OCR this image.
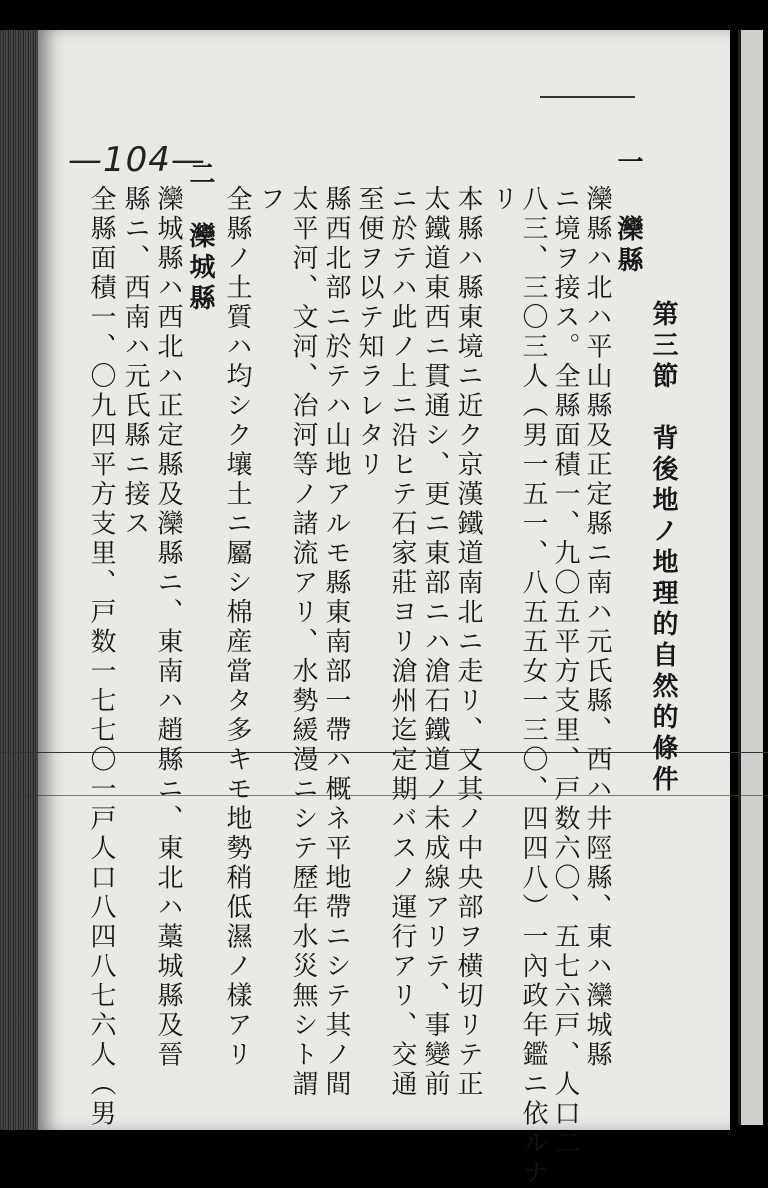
—104—
第三節　背後地ノ地理的自然的條件
一
灤縣
灤縣ハ北ハ平山縣及正定縣ニ南ハ元氏縣、西ハ井陘縣、東ハ灤城縣
ニ境ヲ接ス。全縣面積一、九〇五平方支里、戸数六〇、五七六戸、人口二
八三、三〇三人（男一五一、八五五女一三〇、四四八）一內政年鑑ニ依ルナ
リ
本縣ハ縣東境ニ近ク京漢鐵道南北ニ走リ、又其ノ中央部ヲ横切リテ正
太鐵道東西ニ貫通シ、更ニ東部ニハ滄石鐵道ノ未成線アリテ、事變前
ニ於テハ此ノ上ニ沿ヒテ石家莊ヨリ滄州迄定期バスノ運行アリ、交通
至便ヲ以テ知ラレタリ
縣西北部ニ於テハ山地アルモ縣東南部一帶ハ概ネ平地帶ニシテ其ノ間
太平河、文河、冶河等ノ諸流アリ、水勢緩漫ニシテ歷年水災無シト謂
フ
全縣ノ土質ハ均シク壤土ニ屬シ棉産當タ多キモ地勢稍低濕ノ樣アリ
二　灤城縣
灤城縣ハ西北ハ正定縣及灤縣ニ、東南ハ趙縣ニ、東北ハ藁城縣及晉
縣ニ、西南ハ元氏縣ニ接ス
全縣面積一、〇九四平方支里、戸数一七七〇一戸人口八四八七六人（男
